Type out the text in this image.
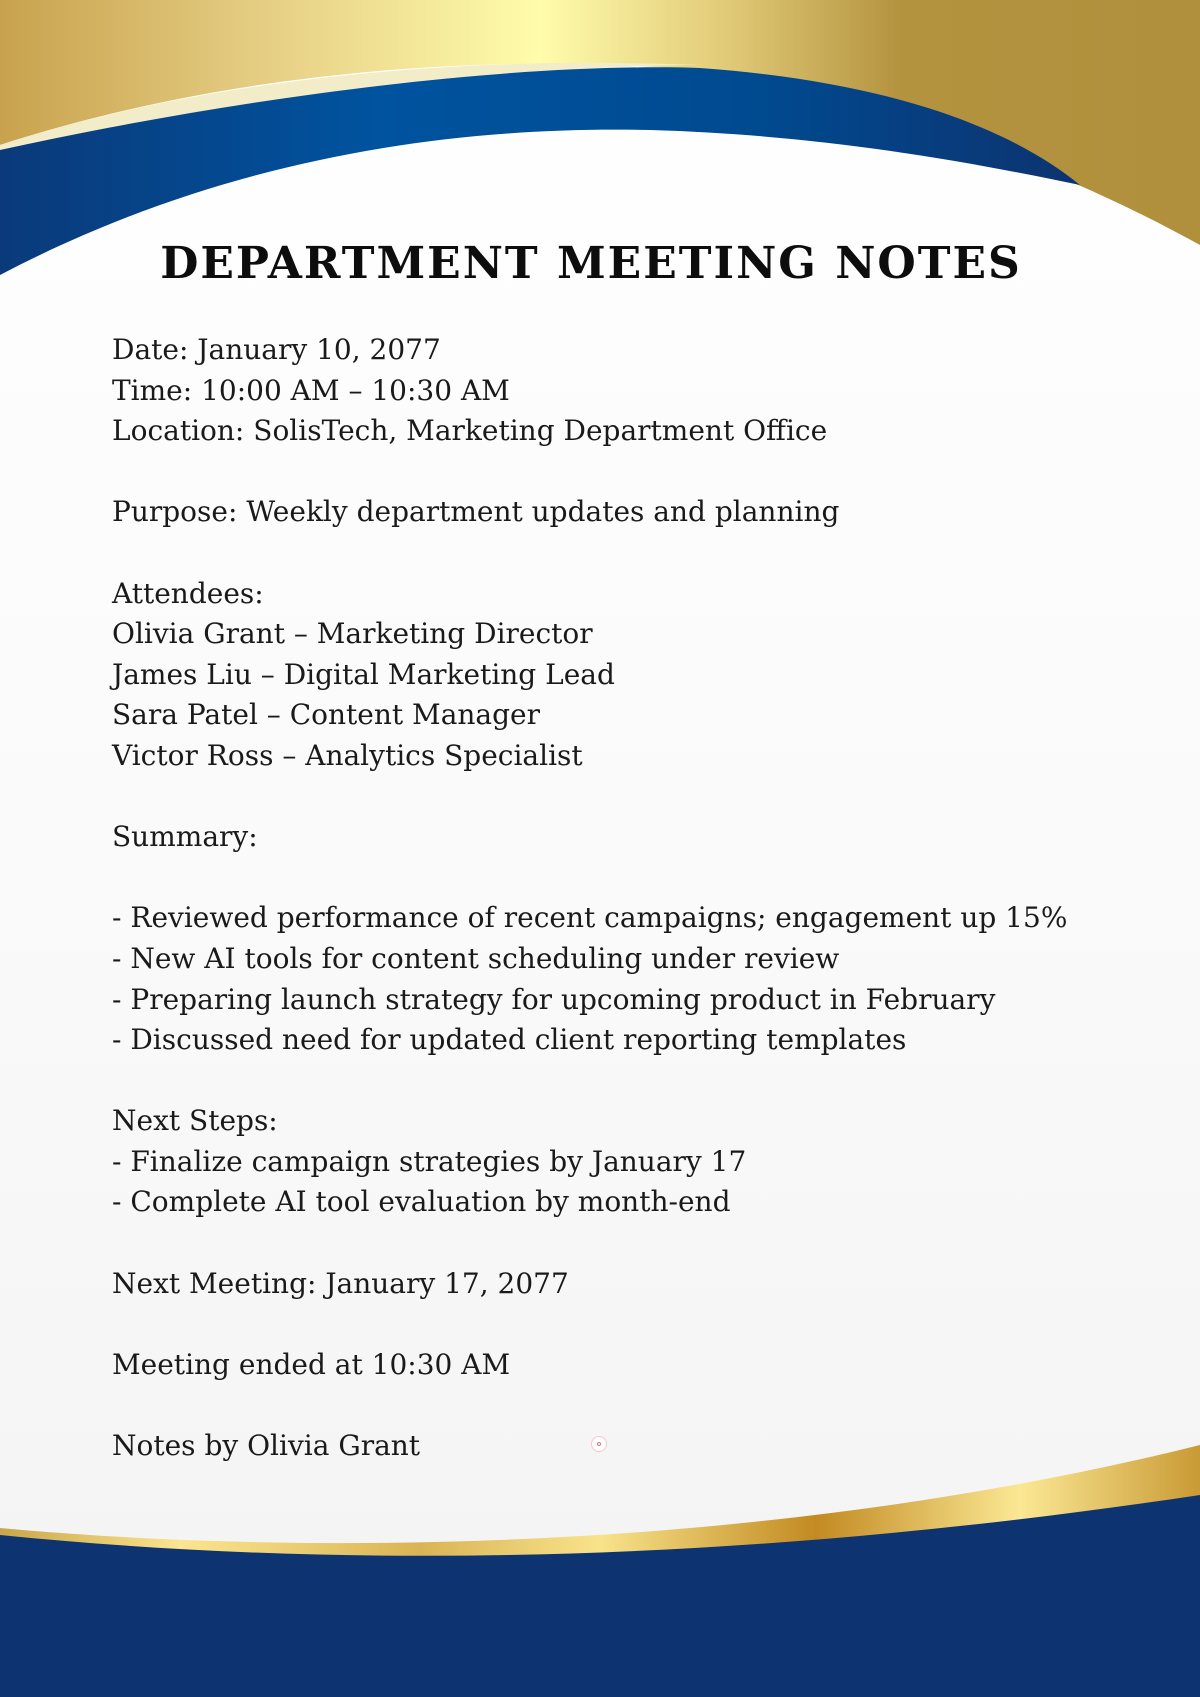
DEPARTMENT MEETING NOTES
Date: January 10, 2077
Time: 10:00 AM – 10:30 AM
Location: SolisTech, Marketing Department Office
Purpose: Weekly department updates and planning
Attendees:
Olivia Grant – Marketing Director
James Liu – Digital Marketing Lead
Sara Patel – Content Manager
Victor Ross – Analytics Specialist
Summary:
- Reviewed performance of recent campaigns; engagement up 15%
- New AI tools for content scheduling under review
- Preparing launch strategy for upcoming product in February
- Discussed need for updated client reporting templates
Next Steps:
- Finalize campaign strategies by January 17
- Complete AI tool evaluation by month-end
Next Meeting: January 17, 2077
Meeting ended at 10:30 AM
Notes by Olivia Grant
